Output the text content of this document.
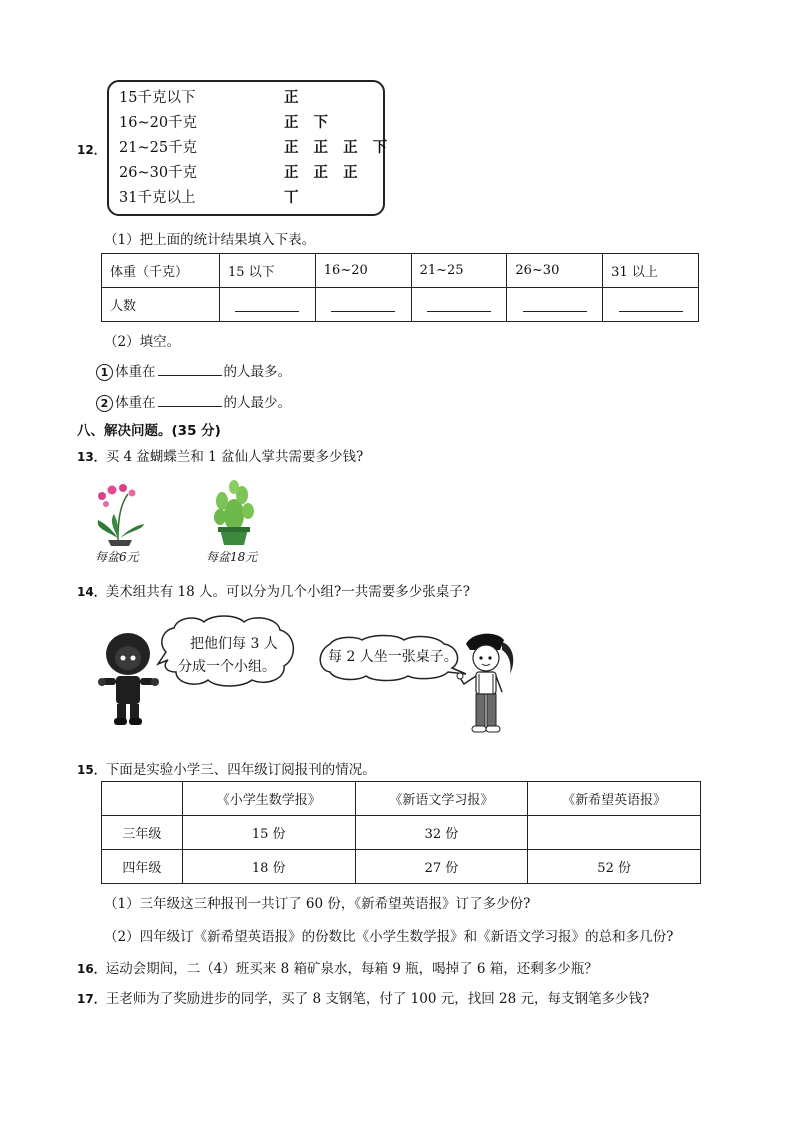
12．
15千克以下	正
16~20千克	正 下
21~25千克	正 正 正 下
26~30千克	正 正 正
31千克以上	丅
（1）把上面的统计结果填入下表。
体重（千克）	15 以下	16~20	21~25	26~30	31 以上
人数					
（2）填空。
1 体重在	的人最多。
2 体重在	的人最少。
八、解决问题。(35 分)
13．买 4 盆蝴蝶兰和 1 盆仙人掌共需要多少钱?
每盆6元	每盆18元
14．美术组共有 18 人。可以分为几个小组?一共需要多少张桌子?
把他们每 3 人
分成一个小组。
每 2 人坐一张桌子。
15．下面是实验小学三、四年级订阅报刊的情况。
	《小学生数学报》	《新语文学习报》	《新希望英语报》
三年级	15 份	32 份	
四年级	18 份	27 份	52 份
（1）三年级这三种报刊一共订了 60 份，《新希望英语报》订了多少份?
（2）四年级订《新希望英语报》的份数比《小学生数学报》和《新语文学习报》的总和多几份?
16．运动会期间，二（4）班买来 8 箱矿泉水，每箱 9 瓶，喝掉了 6 箱，还剩多少瓶？
17．王老师为了奖励进步的同学，买了 8 支钢笔，付了 100 元，找回 28 元，每支钢笔多少钱?
